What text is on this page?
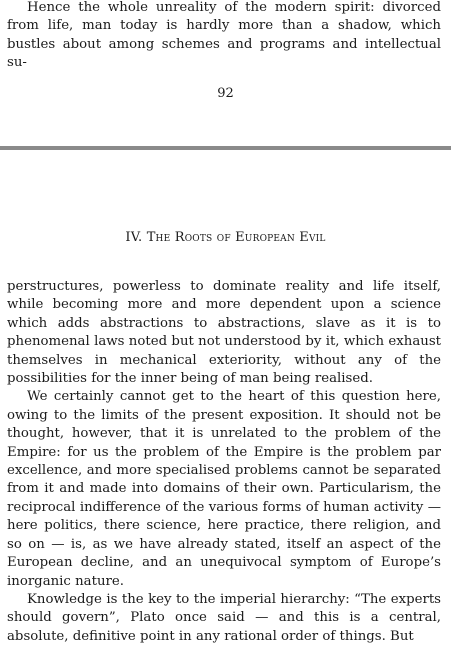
Hence the whole unreality of the modern spirit: divorced from life, man today is hardly more than a shadow, which bustles about among schemes and programs and intellectual su-

92
IV. The Roots of European Evil

perstructures, powerless to dominate reality and life itself, while becoming more and more dependent upon a science which adds abstractions to abstractions, slave as it is to phenomenal laws noted but not understood by it, which exhaust themselves in mechanical exteriority, without any of the possibilities for the inner being of man being realised.

We certainly cannot get to the heart of this question here, owing to the limits of the present exposition. It should not be thought, however, that it is unrelated to the problem of the Empire: for us the problem of the Empire is the problem par excellence, and more specialised problems cannot be separated from it and made into domains of their own. Particularism, the reciprocal indifference of the various forms of human activity — here politics, there science, here practice, there religion, and so on — is, as we have already stated, itself an aspect of the European decline, and an unequivocal symptom of Europe’s inorganic nature.

Knowledge is the key to the imperial hierarchy: “The experts should govern”, Plato once said — and this is a central, absolute, definitive point in any rational order of things. But
